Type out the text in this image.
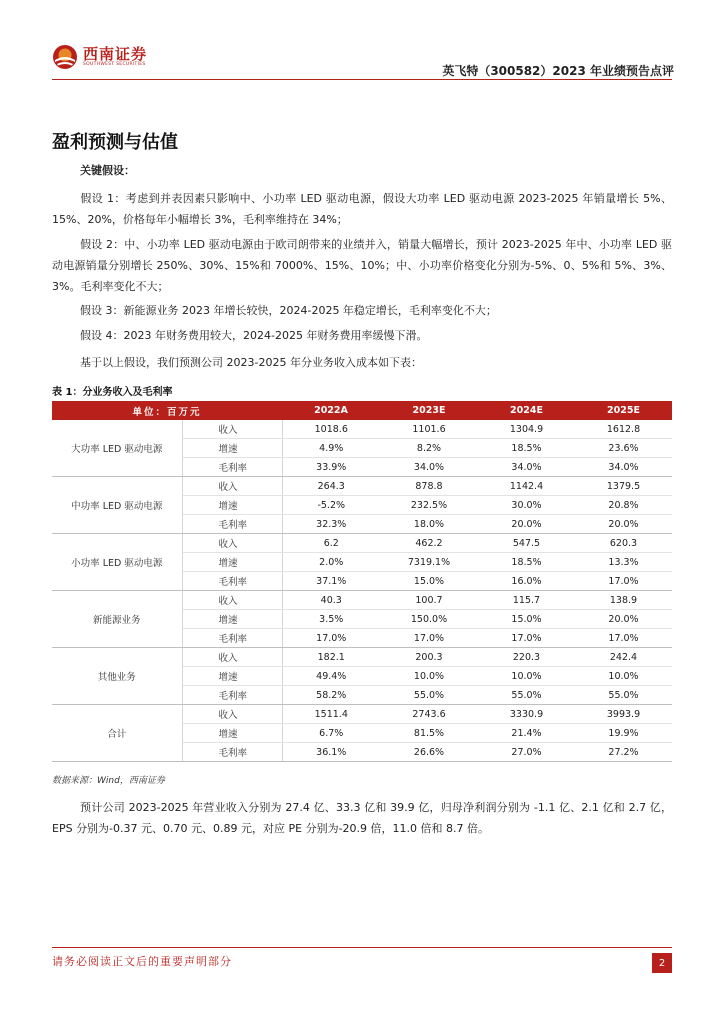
西南证券
SOUTHWEST SECURITIES	英飞特（300582）2023 年业绩预告点评
盈利预测与估值
关键假设：
假设 1：考虑到并表因素只影响中、小功率 LED 驱动电源，假设大功率 LED 驱动电源 2023-2025 年销量增长 5%、15%、20%，价格每年小幅增长 3%，毛利率维持在 34%；
假设 2：中、小功率 LED 驱动电源由于欧司朗带来的业绩并入，销量大幅增长，预计 2023-2025 年中、小功率 LED 驱动电源销量分别增长 250%、30%、15%和 7000%、15%、10%；中、小功率价格变化分别为-5%、0、5%和 5%、3%、3%。毛利率变化不大；
假设 3：新能源业务 2023 年增长较快，2024-2025 年稳定增长，毛利率变化不大；
假设 4：2023 年财务费用较大，2024-2025 年财务费用率缓慢下滑。
基于以上假设，我们预测公司 2023-2025 年分业务收入成本如下表：
表 1：分业务收入及毛利率
单位：百万元		2022A	2023E	2024E	2025E
大功率 LED 驱动电源	收入	1018.6	1101.6	1304.9	1612.8
	增速	4.9%	8.2%	18.5%	23.6%
	毛利率	33.9%	34.0%	34.0%	34.0%
中功率 LED 驱动电源	收入	264.3	878.8	1142.4	1379.5
	增速	-5.2%	232.5%	30.0%	20.8%
	毛利率	32.3%	18.0%	20.0%	20.0%
小功率 LED 驱动电源	收入	6.2	462.2	547.5	620.3
	增速	2.0%	7319.1%	18.5%	13.3%
	毛利率	37.1%	15.0%	16.0%	17.0%
新能源业务	收入	40.3	100.7	115.7	138.9
	增速	3.5%	150.0%	15.0%	20.0%
	毛利率	17.0%	17.0%	17.0%	17.0%
其他业务	收入	182.1	200.3	220.3	242.4
	增速	49.4%	10.0%	10.0%	10.0%
	毛利率	58.2%	55.0%	55.0%	55.0%
合计	收入	1511.4	2743.6	3330.9	3993.9
	增速	6.7%	81.5%	21.4%	19.9%
	毛利率	36.1%	26.6%	27.0%	27.2%
数据来源：Wind，西南证券
预计公司 2023-2025 年营业收入分别为 27.4 亿、33.3 亿和 39.9 亿，归母净利润分别为 -1.1 亿、2.1 亿和 2.7 亿，EPS 分别为-0.37 元、0.70 元、0.89 元，对应 PE 分别为-20.9 倍，11.0 倍和 8.7 倍。
请务必阅读正文后的重要声明部分	2
